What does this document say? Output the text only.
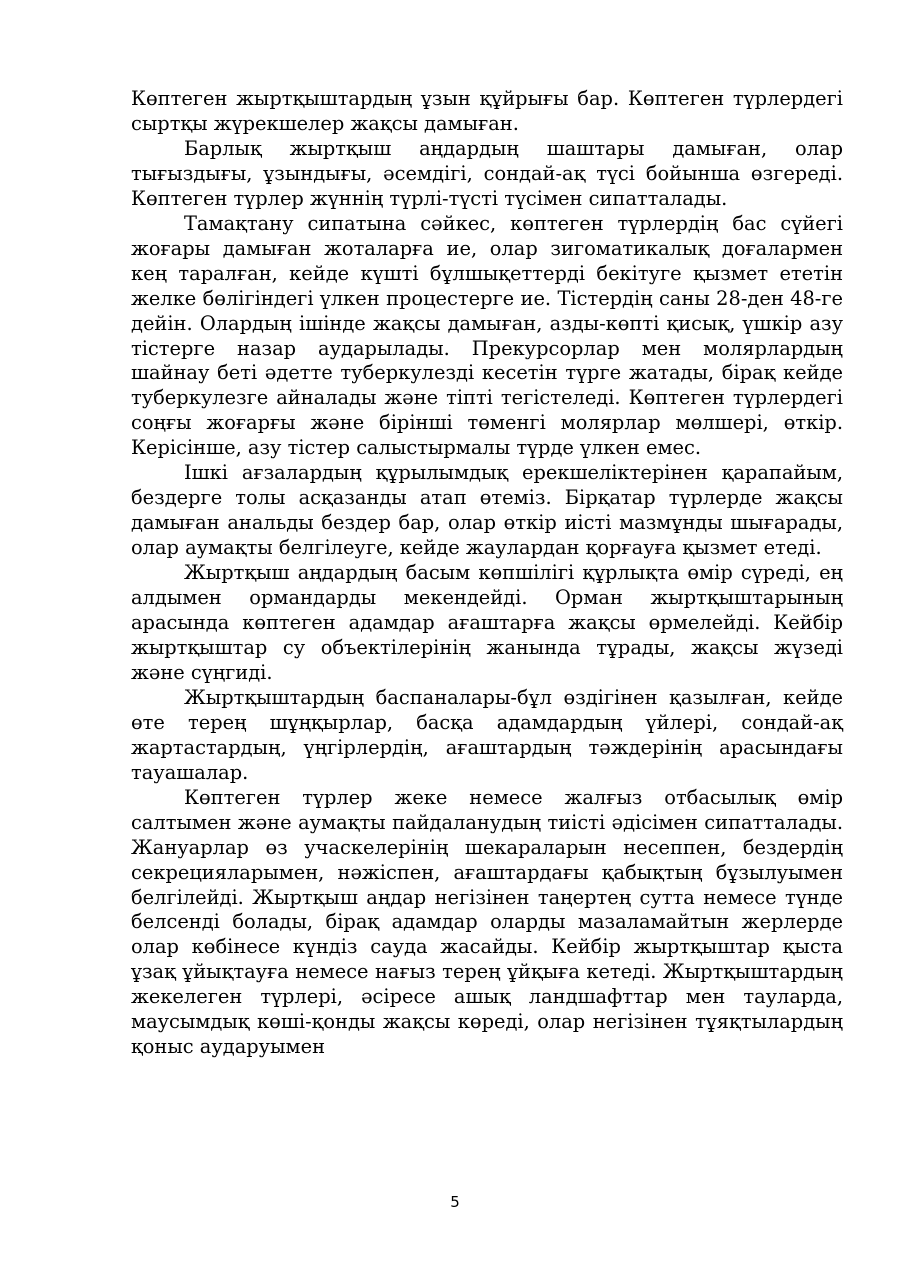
Көптеген жыртқыштардың ұзын құйрығы бар. Көптеген түрлердегі сыртқы жүрекшелер жақсы дамыған.

Барлық жыртқыш аңдардың шаштары дамыған, олар тығыздығы, ұзындығы, әсемдігі, сондай-ақ түсі бойынша өзгереді. Көптеген түрлер жүннің түрлі-түсті түсімен сипатталады.

Тамақтану сипатына сәйкес, көптеген түрлердің бас сүйегі жоғары дамыған жоталарға ие, олар зигоматикалық доғалармен кең таралған, кейде күшті бұлшықеттерді бекітуге қызмет ететін желке бөлігіндегі үлкен процестерге ие. Тістердің саны 28-ден 48-ге дейін. Олардың ішінде жақсы дамыған, азды-көпті қисық, үшкір азу тістерге назар аударылады. Прекурсорлар мен молярлардың шайнау беті әдетте туберкулезді кесетін түрге жатады, бірақ кейде туберкулезге айналады және тіпті тегістеледі. Көптеген түрлердегі соңғы жоғарғы және бірінші төменгі молярлар мөлшері, өткір. Керісінше, азу тістер салыстырмалы түрде үлкен емес.

Ішкі ағзалардың құрылымдық ерекшеліктерінен қарапайым, бездерге толы асқазанды атап өтеміз. Бірқатар түрлерде жақсы дамыған анальды бездер бар, олар өткір иісті мазмұнды шығарады, олар аумақты белгілеуге, кейде жаулардан қорғауға қызмет етеді.

Жыртқыш аңдардың басым көпшілігі құрлықта өмір сүреді, ең алдымен ормандарды мекендейді. Орман жыртқыштарының арасында көптеген адамдар ағаштарға жақсы өрмелейді. Кейбір жыртқыштар су объектілерінің жанында тұрады, жақсы жүзеді және сүңгиді.

Жыртқыштардың баспаналары-бұл өздігінен қазылған, кейде өте терең шұңқырлар, басқа адамдардың үйлері, сондай-ақ жартастардың, үңгірлердің, ағаштардың тәждерінің арасындағы тауашалар.

Көптеген түрлер жеке немесе жалғыз отбасылық өмір салтымен және аумақты пайдаланудың тиісті әдісімен сипатталады. Жануарлар өз учаскелерінің шекараларын несеппен, бездердің секрецияларымен, нәжіспен, ағаштардағы қабықтың бұзылуымен белгілейді. Жыртқыш аңдар негізінен таңертең сутта немесе түнде белсенді болады, бірақ адамдар оларды мазаламайтын жерлерде олар көбінесе күндіз сауда жасайды. Кейбір жыртқыштар қыста ұзақ ұйықтауға немесе нағыз терең ұйқыға кетеді. Жыртқыштардың жекелеген түрлері, әсіресе ашық ландшафттар мен тауларда, маусымдық көші-қонды жақсы көреді, олар негізінен тұяқтылардың қоныс аударуымен

5
